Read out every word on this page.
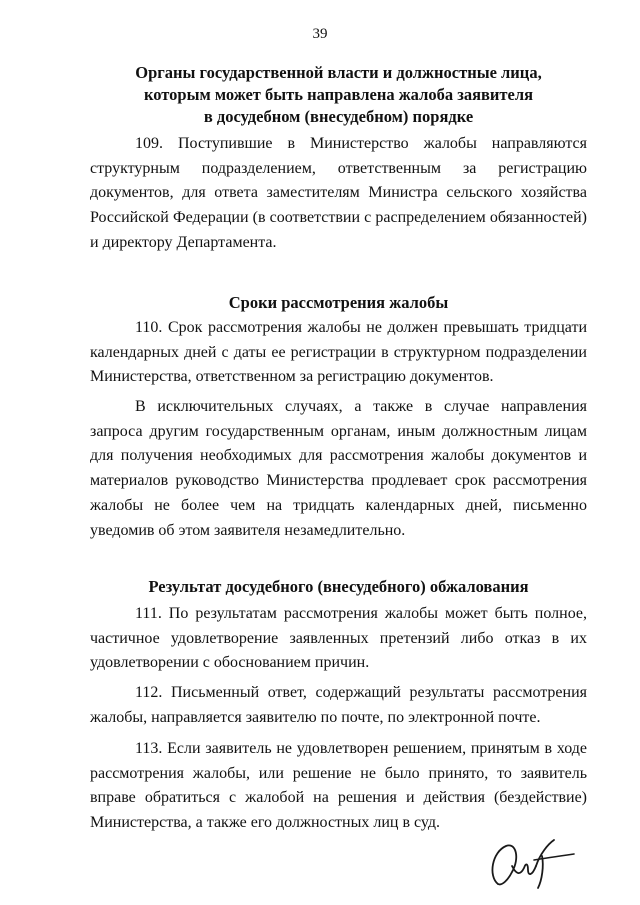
39
Органы государственной власти и должностные лица,
которым может быть направлена жалоба заявителя
в досудебном (внесудебном) порядке
109. Поступившие в Министерство жалобы направляются структурным подразделением, ответственным за регистрацию документов, для ответа заместителям Министра сельского хозяйства Российской Федерации (в соответствии с распределением обязанностей) и директору Департамента.
Сроки рассмотрения жалобы
110. Срок рассмотрения жалобы не должен превышать тридцати календарных дней с даты ее регистрации в структурном подразделении Министерства, ответственном за регистрацию документов.
В исключительных случаях, а также в случае направления запроса другим государственным органам, иным должностным лицам для получения необходимых для рассмотрения жалобы документов и материалов руководство Министерства продлевает срок рассмотрения жалобы не более чем на тридцать календарных дней, письменно уведомив об этом заявителя незамедлительно.
Результат досудебного (внесудебного) обжалования
111. По результатам рассмотрения жалобы может быть полное, частичное удовлетворение заявленных претензий либо отказ в их удовлетворении с обоснованием причин.
112. Письменный ответ, содержащий результаты рассмотрения жалобы, направляется заявителю по почте, по электронной почте.
113. Если заявитель не удовлетворен решением, принятым в ходе рассмотрения жалобы, или решение не было принято, то заявитель вправе обратиться с жалобой на решения и действия (бездействие) Министерства, а также его должностных лиц в суд.
